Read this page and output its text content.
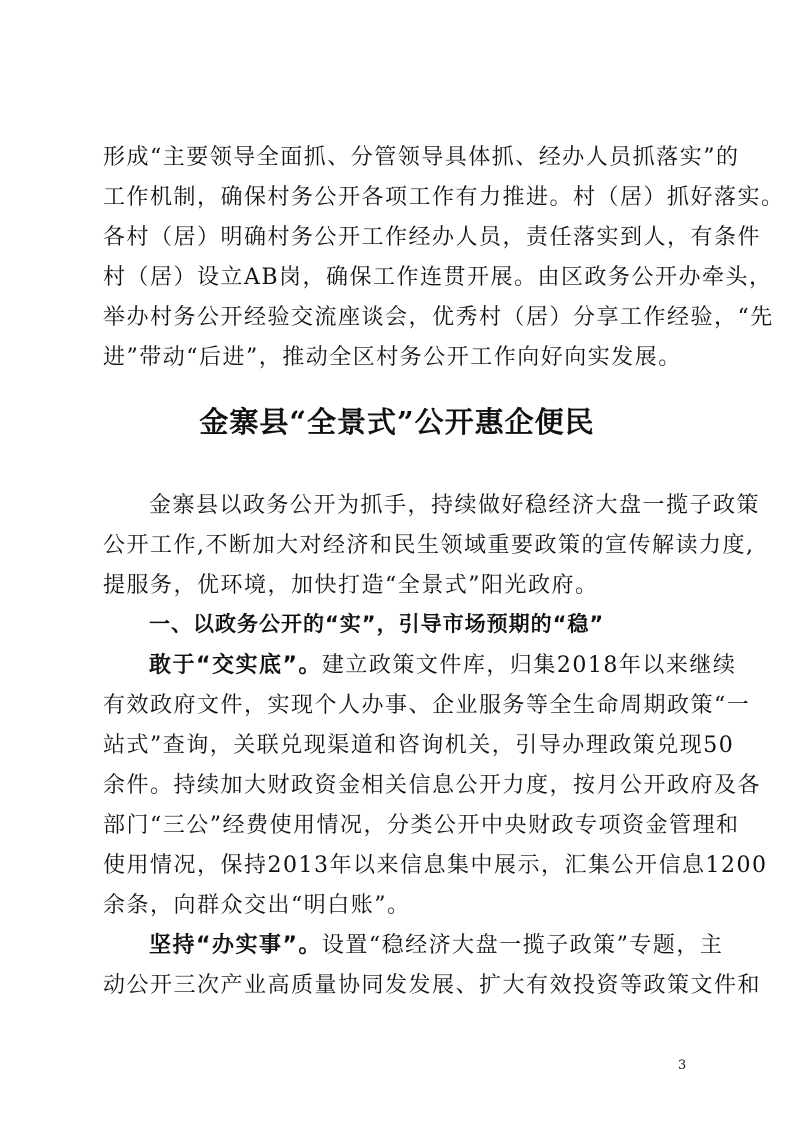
形成“主要领导全面抓、分管领导具体抓、经办人员抓落实”的
工作机制，确保村务公开各项工作有力推进。村（居）抓好落实。
各村（居）明确村务公开工作经办人员，责任落实到人，有条件
村（居）设立AB岗，确保工作连贯开展。由区政务公开办牵头，
举办村务公开经验交流座谈会，优秀村（居）分享工作经验，“先
进”带动“后进”，推动全区村务公开工作向好向实发展。
金寨县“全景式”公开惠企便民
金寨县以政务公开为抓手，持续做好稳经济大盘一揽子政策
公开工作,不断加大对经济和民生领域重要政策的宣传解读力度,
提服务，优环境，加快打造“全景式”阳光政府。
一、以政务公开的“实”，引导市场预期的“稳”
敢于“交实底”。建立政策文件库，归集2018年以来继续
有效政府文件，实现个人办事、企业服务等全生命周期政策“一
站式”查询，关联兑现渠道和咨询机关，引导办理政策兑现50
余件。持续加大财政资金相关信息公开力度，按月公开政府及各
部门“三公”经费使用情况，分类公开中央财政专项资金管理和
使用情况，保持2013年以来信息集中展示，汇集公开信息1200
余条，向群众交出“明白账”。
坚持“办实事”。设置“稳经济大盘一揽子政策”专题，主
动公开三次产业高质量协同发发展、扩大有效投资等政策文件和
3
